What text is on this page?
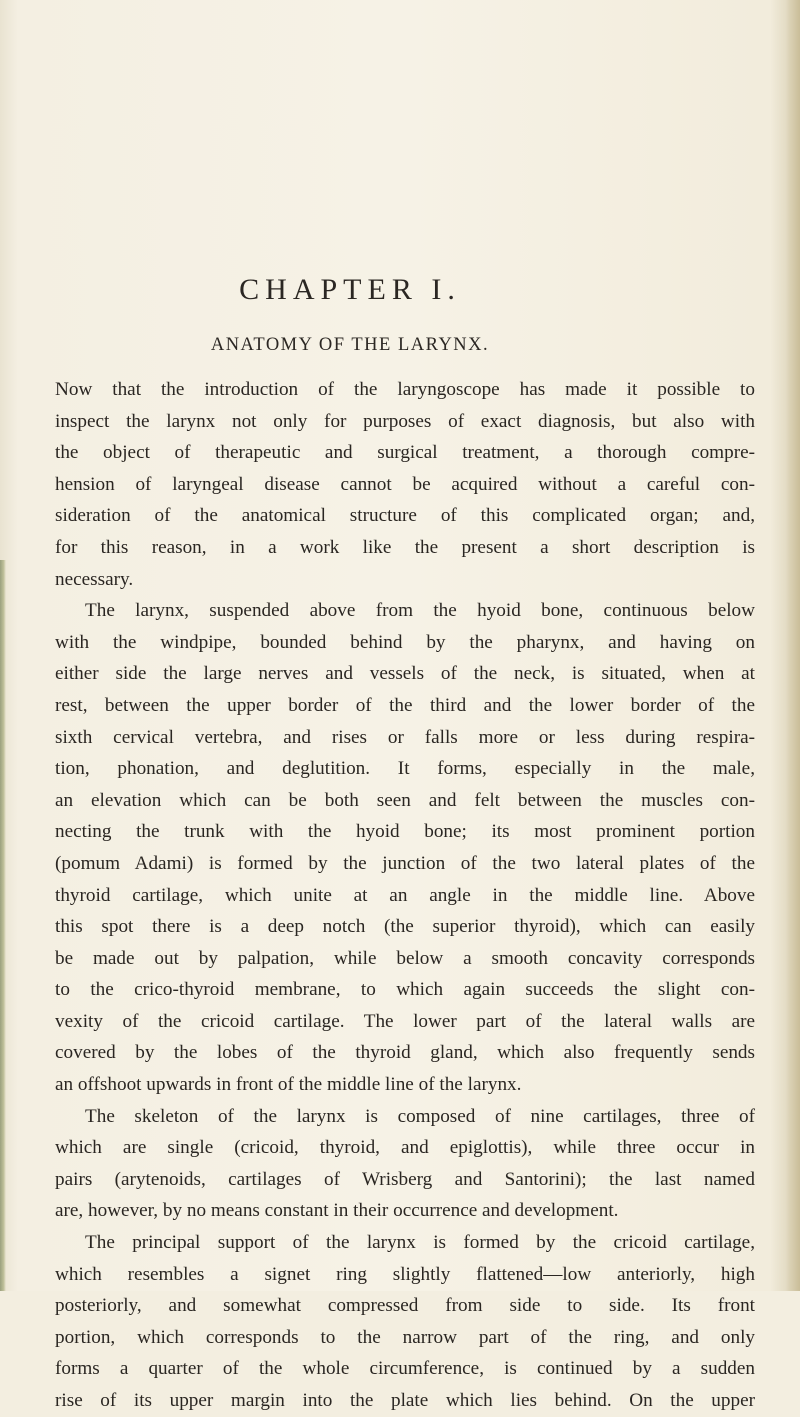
CHAPTER I.
ANATOMY OF THE LARYNX.
Now that the introduction of the laryngoscope has made it possible to
inspect the larynx not only for purposes of exact diagnosis, but also with
the object of therapeutic and surgical treatment, a thorough compre-
hension of laryngeal disease cannot be acquired without a careful con-
sideration of the anatomical structure of this complicated organ; and,
for this reason, in a work like the present a short description is
necessary.
The larynx, suspended above from the hyoid bone, continuous below
with the windpipe, bounded behind by the pharynx, and having on
either side the large nerves and vessels of the neck, is situated, when at
rest, between the upper border of the third and the lower border of the
sixth cervical vertebra, and rises or falls more or less during respira-
tion, phonation, and deglutition. It forms, especially in the male,
an elevation which can be both seen and felt between the muscles con-
necting the trunk with the hyoid bone; its most prominent portion
(pomum Adami) is formed by the junction of the two lateral plates of the
thyroid cartilage, which unite at an angle in the middle line. Above
this spot there is a deep notch (the superior thyroid), which can easily
be made out by palpation, while below a smooth concavity corresponds
to the crico-thyroid membrane, to which again succeeds the slight con-
vexity of the cricoid cartilage. The lower part of the lateral walls are
covered by the lobes of the thyroid gland, which also frequently sends
an offshoot upwards in front of the middle line of the larynx.
The skeleton of the larynx is composed of nine cartilages, three of
which are single (cricoid, thyroid, and epiglottis), while three occur in
pairs (arytenoids, cartilages of Wrisberg and Santorini); the last named
are, however, by no means constant in their occurrence and development.
The principal support of the larynx is formed by the cricoid cartilage,
which resembles a signet ring slightly flattened—low anteriorly, high
posteriorly, and somewhat compressed from side to side. Its front
portion, which corresponds to the narrow part of the ring, and only
forms a quarter of the whole circumference, is continued by a sudden
rise of its upper margin into the plate which lies behind. On the upper
